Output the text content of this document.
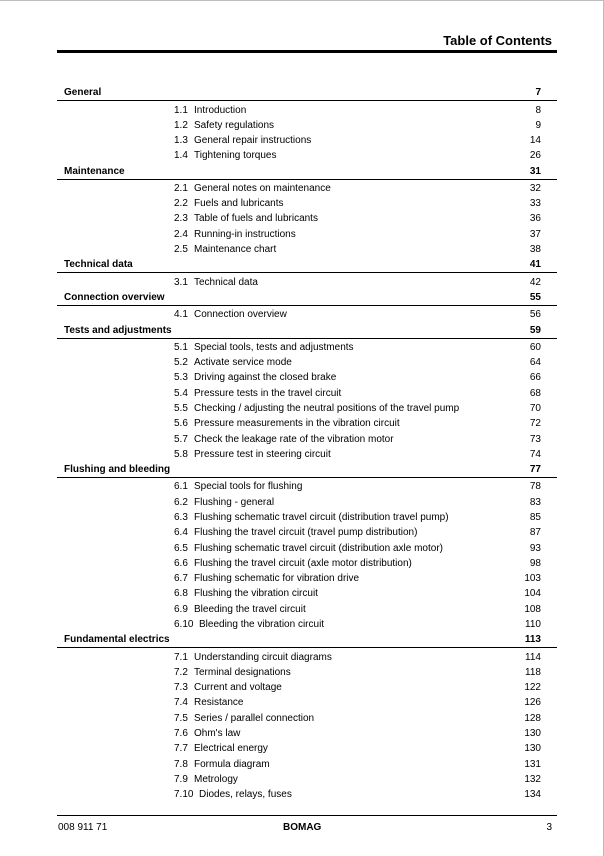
Table of Contents
General	7
1.1 Introduction	8
1.2 Safety regulations	9
1.3 General repair instructions	14
1.4 Tightening torques	26
Maintenance	31
2.1 General notes on maintenance	32
2.2 Fuels and lubricants	33
2.3 Table of fuels and lubricants	36
2.4 Running-in instructions	37
2.5 Maintenance chart	38
Technical data	41
3.1 Technical data	42
Connection overview	55
4.1 Connection overview	56
Tests and adjustments	59
5.1 Special tools, tests and adjustments	60
5.2 Activate service mode	64
5.3 Driving against the closed brake	66
5.4 Pressure tests in the travel circuit	68
5.5 Checking / adjusting the neutral positions of the travel pump	70
5.6 Pressure measurements in the vibration circuit	72
5.7 Check the leakage rate of the vibration motor	73
5.8 Pressure test in steering circuit	74
Flushing and bleeding	77
6.1 Special tools for flushing	78
6.2 Flushing - general	83
6.3 Flushing schematic travel circuit (distribution travel pump)	85
6.4 Flushing the travel circuit (travel pump distribution)	87
6.5 Flushing schematic travel circuit (distribution axle motor)	93
6.6 Flushing the travel circuit (axle motor distribution)	98
6.7 Flushing schematic for vibration drive	103
6.8 Flushing the vibration circuit	104
6.9 Bleeding the travel circuit	108
6.10 Bleeding the vibration circuit	110
Fundamental electrics	113
7.1 Understanding circuit diagrams	114
7.2 Terminal designations	118
7.3 Current and voltage	122
7.4 Resistance	126
7.5 Series / parallel connection	128
7.6 Ohm's law	130
7.7 Electrical energy	130
7.8 Formula diagram	131
7.9 Metrology	132
7.10 Diodes, relays, fuses	134
008 911 71	BOMAG	3
